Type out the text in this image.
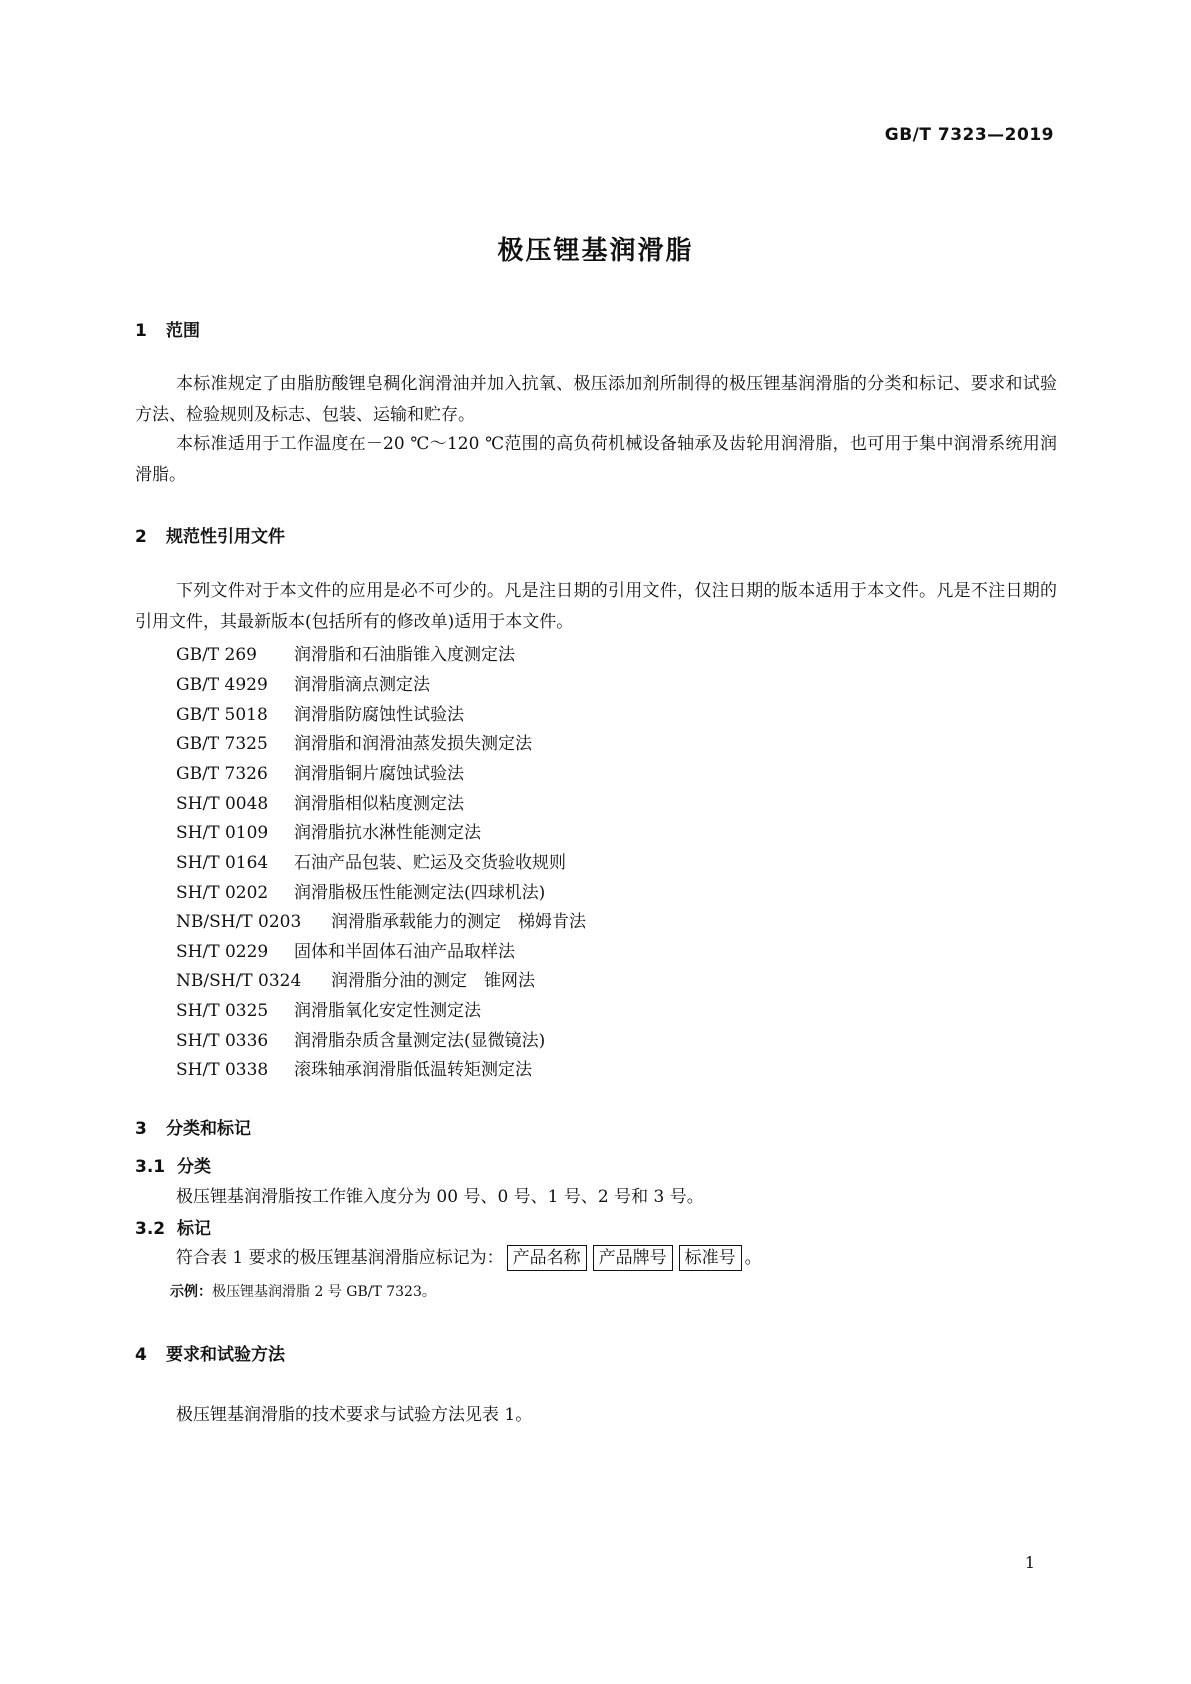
GB/T 7323—2019
极压锂基润滑脂
1 范围

本标准规定了由脂肪酸锂皂稠化润滑油并加入抗氧、极压添加剂所制得的极压锂基润滑脂的分类和标记、要求和试验方法、检验规则及标志、包装、运输和贮存。

本标准适用于工作温度在－20 ℃～120 ℃范围的高负荷机械设备轴承及齿轮用润滑脂，也可用于集中润滑系统用润滑脂。

2 规范性引用文件

下列文件对于本文件的应用是必不可少的。凡是注日期的引用文件，仅注日期的版本适用于本文件。凡是不注日期的引用文件，其最新版本(包括所有的修改单)适用于本文件。

GB/T 269 润滑脂和石油脂锥入度测定法
GB/T 4929 润滑脂滴点测定法
GB/T 5018 润滑脂防腐蚀性试验法
GB/T 7325 润滑脂和润滑油蒸发损失测定法
GB/T 7326 润滑脂铜片腐蚀试验法
SH/T 0048 润滑脂相似粘度测定法
SH/T 0109 润滑脂抗水淋性能测定法
SH/T 0164 石油产品包装、贮运及交货验收规则
SH/T 0202 润滑脂极压性能测定法(四球机法)
NB/SH/T 0203 润滑脂承载能力的测定　梯姆肯法
SH/T 0229 固体和半固体石油产品取样法
NB/SH/T 0324 润滑脂分油的测定　锥网法
SH/T 0325 润滑脂氧化安定性测定法
SH/T 0336 润滑脂杂质含量测定法(显微镜法)
SH/T 0338 滚珠轴承润滑脂低温转矩测定法
3 分类和标记
3.1 分类
极压锂基润滑脂按工作锥入度分为 00 号、0 号、1 号、2 号和 3 号。
3.2 标记
符合表 1 要求的极压锂基润滑脂应标记为： 产品名称 产品牌号 标准号 。
示例：极压锂基润滑脂 2 号 GB/T 7323。
4 要求和试验方法
极压锂基润滑脂的技术要求与试验方法见表 1。
1
